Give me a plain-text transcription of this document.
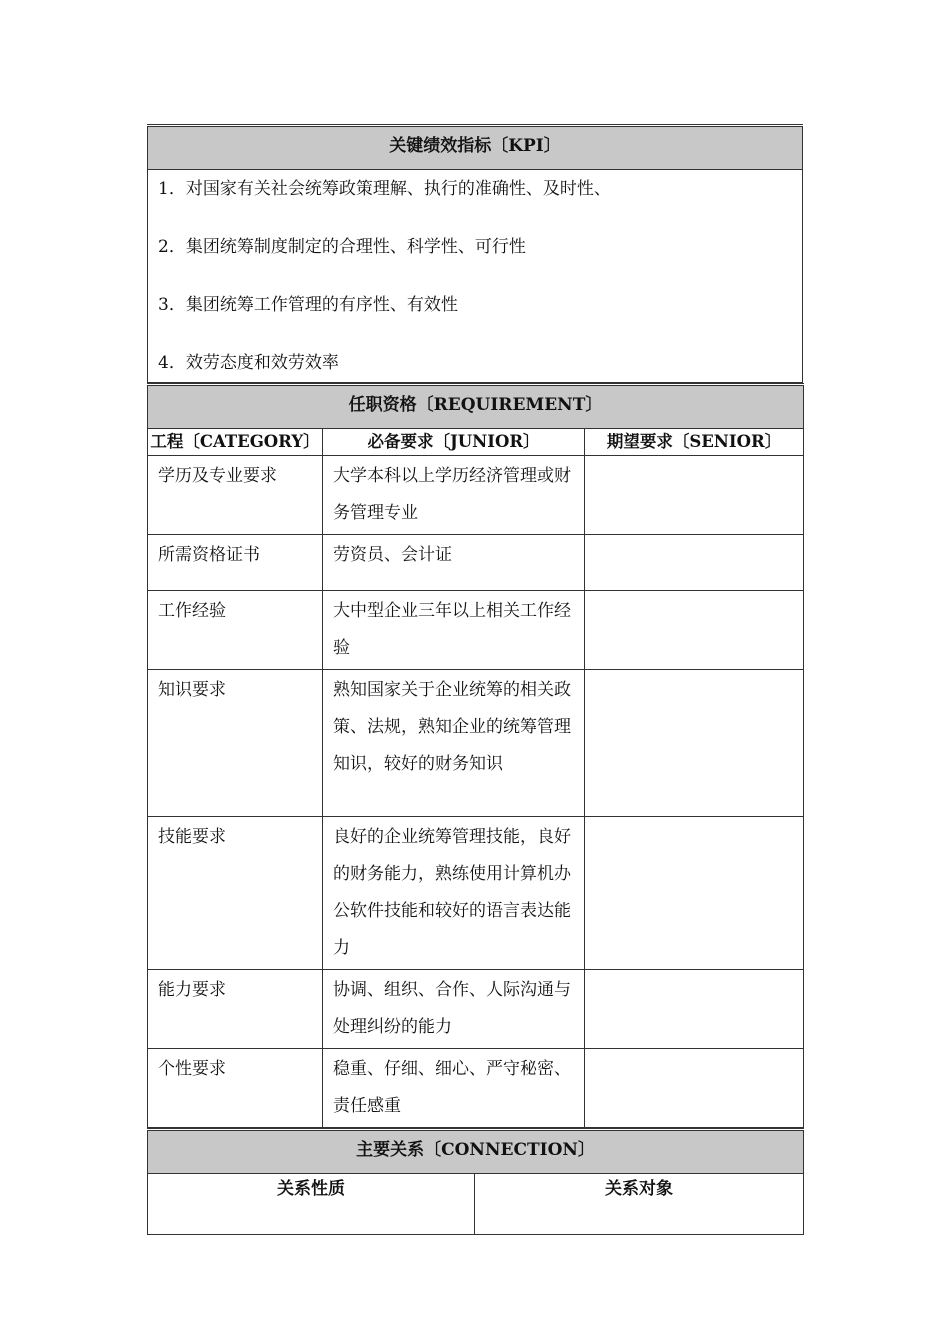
关键绩效指标〔KPI〕

1．对国家有关社会统筹政策理解、执行的准确性、及时性、
2．集团统筹制度制定的合理性、科学性、可行性
3．集团统筹工作管理的有序性、有效性
4．效劳态度和效劳效率
任职资格〔REQUIREMENT〕		
工程〔CATEGORY〕	必备要求〔JUNIOR〕	期望要求〔SENIOR〕
学历及专业要求	大学本科以上学历经济管理或财务管理专业	
所需资格证书	劳资员、会计证	
工作经验	大中型企业三年以上相关工作经验	
知识要求	熟知国家关于企业统筹的相关政策、法规，熟知企业的统筹管理知识，较好的财务知识	
技能要求	良好的企业统筹管理技能，良好的财务能力，熟练使用计算机办公软件技能和较好的语言表达能力	
能力要求	协调、组织、合作、人际沟通与处理纠纷的能力	
个性要求	稳重、仔细、细心、严守秘密、责任感重	
主要关系〔CONNECTION〕
关系性质	关系对象
